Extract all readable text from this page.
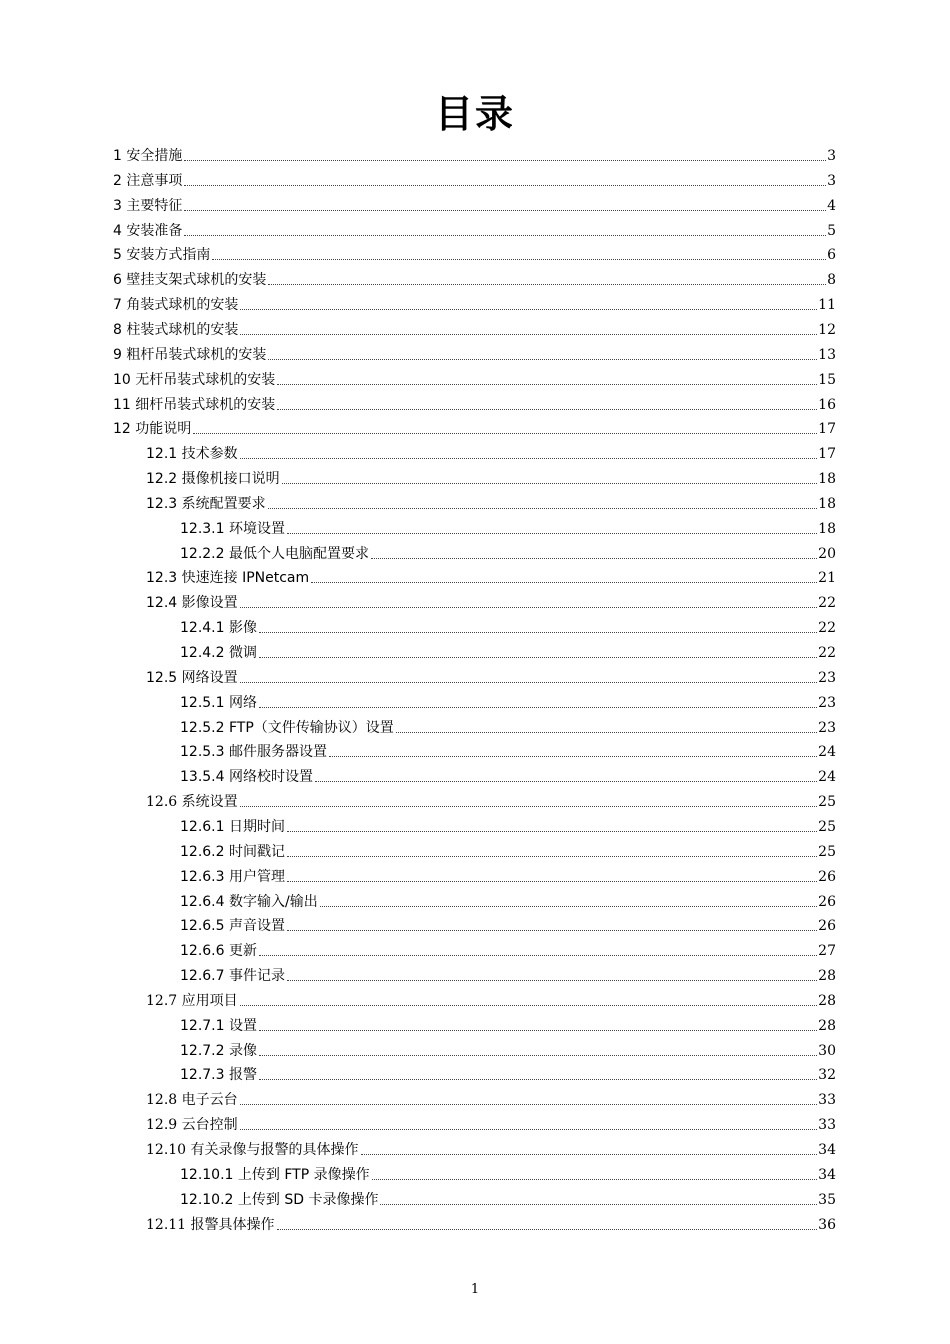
目录
1 安全措施	3
2 注意事项	3
3 主要特征	4
4 安装准备	5
5 安装方式指南	6
6 壁挂支架式球机的安装	8
7 角装式球机的安装	11
8 柱装式球机的安装	12
9 粗杆吊装式球机的安装	13
10 无杆吊装式球机的安装	15
11 细杆吊装式球机的安装	16
12 功能说明	17
12.1 技术参数	17
12.2 摄像机接口说明	18
12.3 系统配置要求	18
12.3.1 环境设置	18
12.2.2 最低个人电脑配置要求	20
12.3 快速连接 IPNetcam	21
12.4 影像设置	22
12.4.1 影像	22
12.4.2 微调	22
12.5 网络设置	23
12.5.1 网络	23
12.5.2 FTP（文件传输协议）设置	23
12.5.3 邮件服务器设置	24
13.5.4 网络校时设置	24
12.6 系统设置	25
12.6.1 日期时间	25
12.6.2 时间戳记	25
12.6.3 用户管理	26
12.6.4 数字输入/输出	26
12.6.5 声音设置	26
12.6.6 更新	27
12.6.7 事件记录	28
12.7 应用项目	28
12.7.1 设置	28
12.7.2 录像	30
12.7.3 报警	32
12.8 电子云台	33
12.9 云台控制	33
12.10 有关录像与报警的具体操作	34
12.10.1 上传到 FTP 录像操作	34
12.10.2 上传到 SD 卡录像操作	35
12.11 报警具体操作	36
1
